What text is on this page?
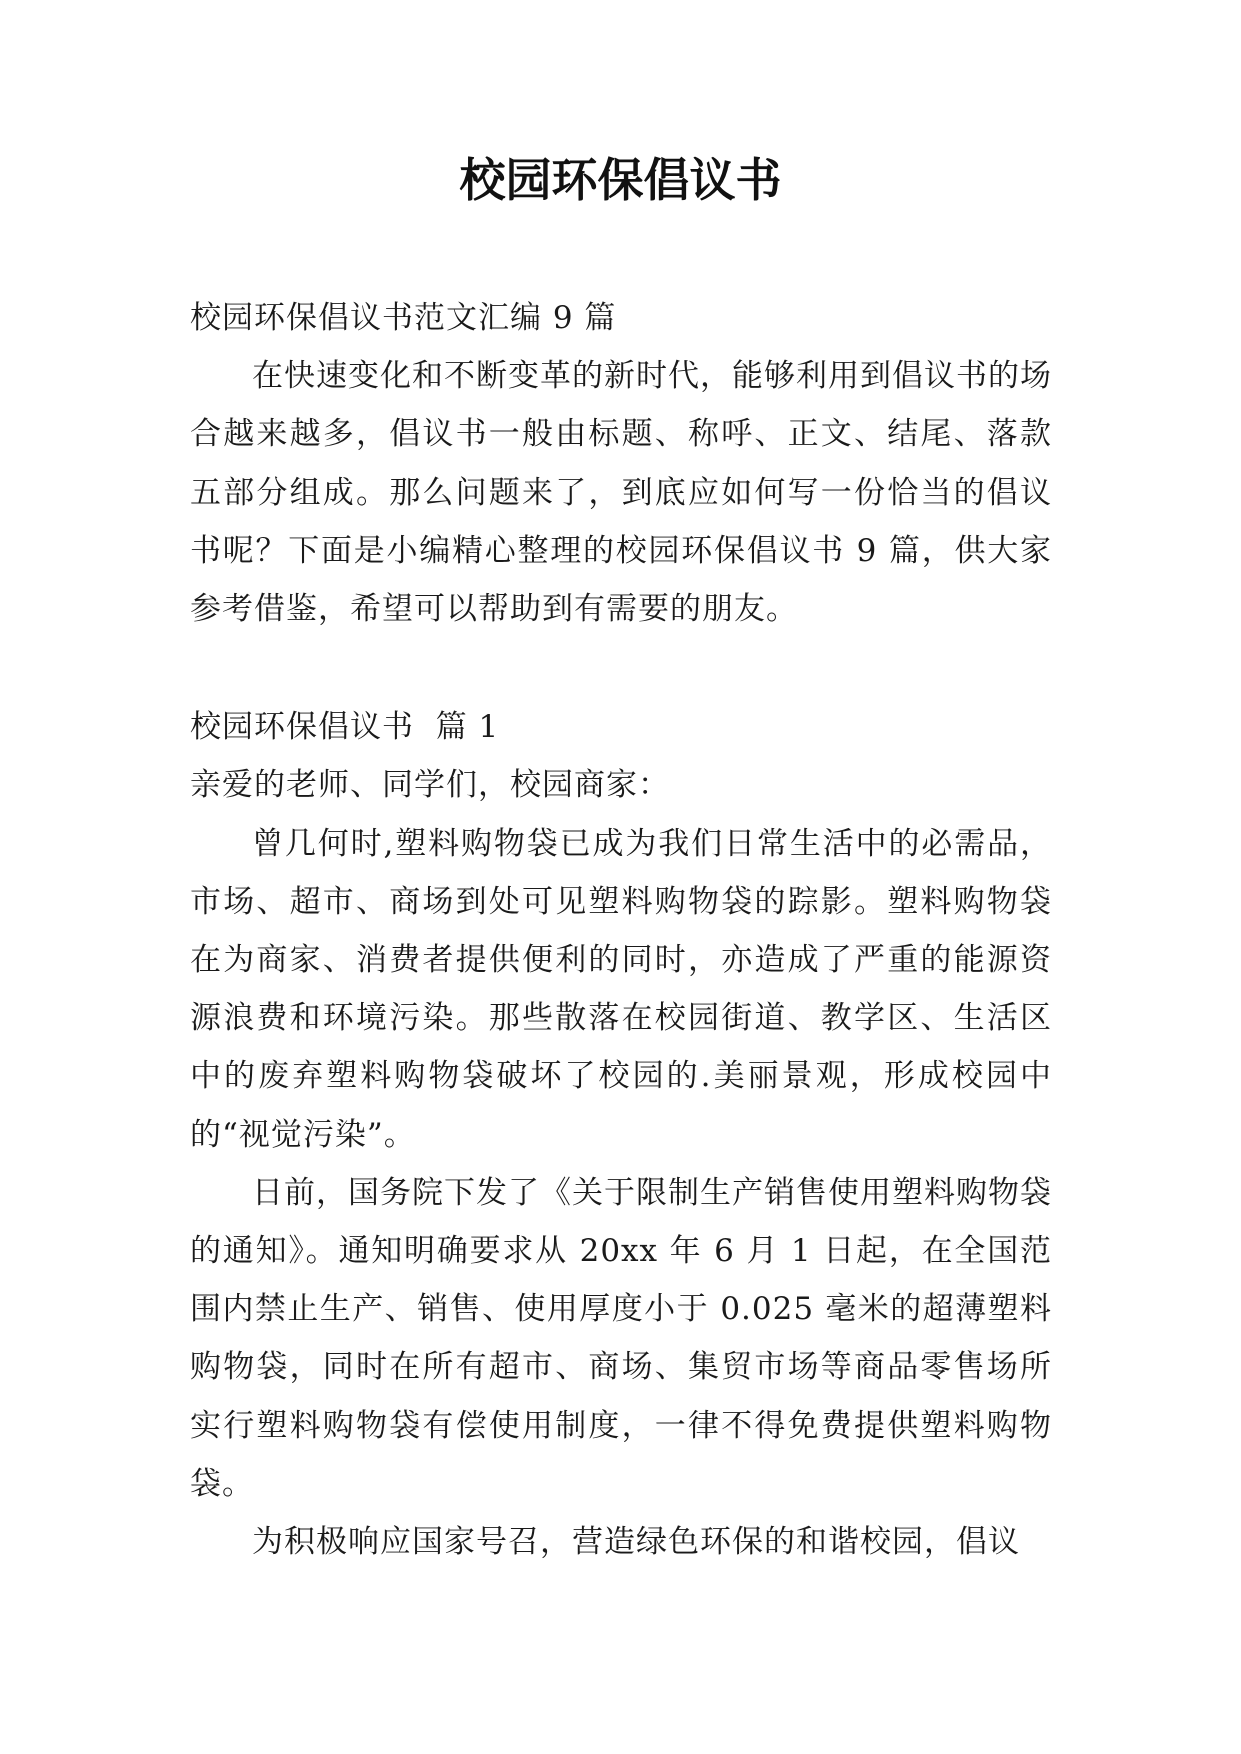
校园环保倡议书

校园环保倡议书范文汇编 9 篇

在快速变化和不断变革的新时代，能够利用到倡议书的场合越来越多，倡议书一般由标题、称呼、正文、结尾、落款五部分组成。那么问题来了，到底应如何写一份恰当的倡议书呢？下面是小编精心整理的校园环保倡议书 9 篇，供大家参考借鉴，希望可以帮助到有需要的朋友。

校园环保倡议书  篇 1

亲爱的老师、同学们，校园商家：

曾几何时,塑料购物袋已成为我们日常生活中的必需品，市场、超市、商场到处可见塑料购物袋的踪影。塑料购物袋在为商家、消费者提供便利的同时，亦造成了严重的能源资源浪费和环境污染。那些散落在校园街道、教学区、生活区中的废弃塑料购物袋破坏了校园的.美丽景观，形成校园中的“视觉污染”。

日前，国务院下发了《关于限制生产销售使用塑料购物袋的通知》。通知明确要求从 20xx 年 6 月 1 日起，在全国范围内禁止生产、销售、使用厚度小于 0.025 毫米的超薄塑料购物袋，同时在所有超市、商场、集贸市场等商品零售场所实行塑料购物袋有偿使用制度，一律不得免费提供塑料购物袋。

为积极响应国家号召，营造绿色环保的和谐校园，倡议
